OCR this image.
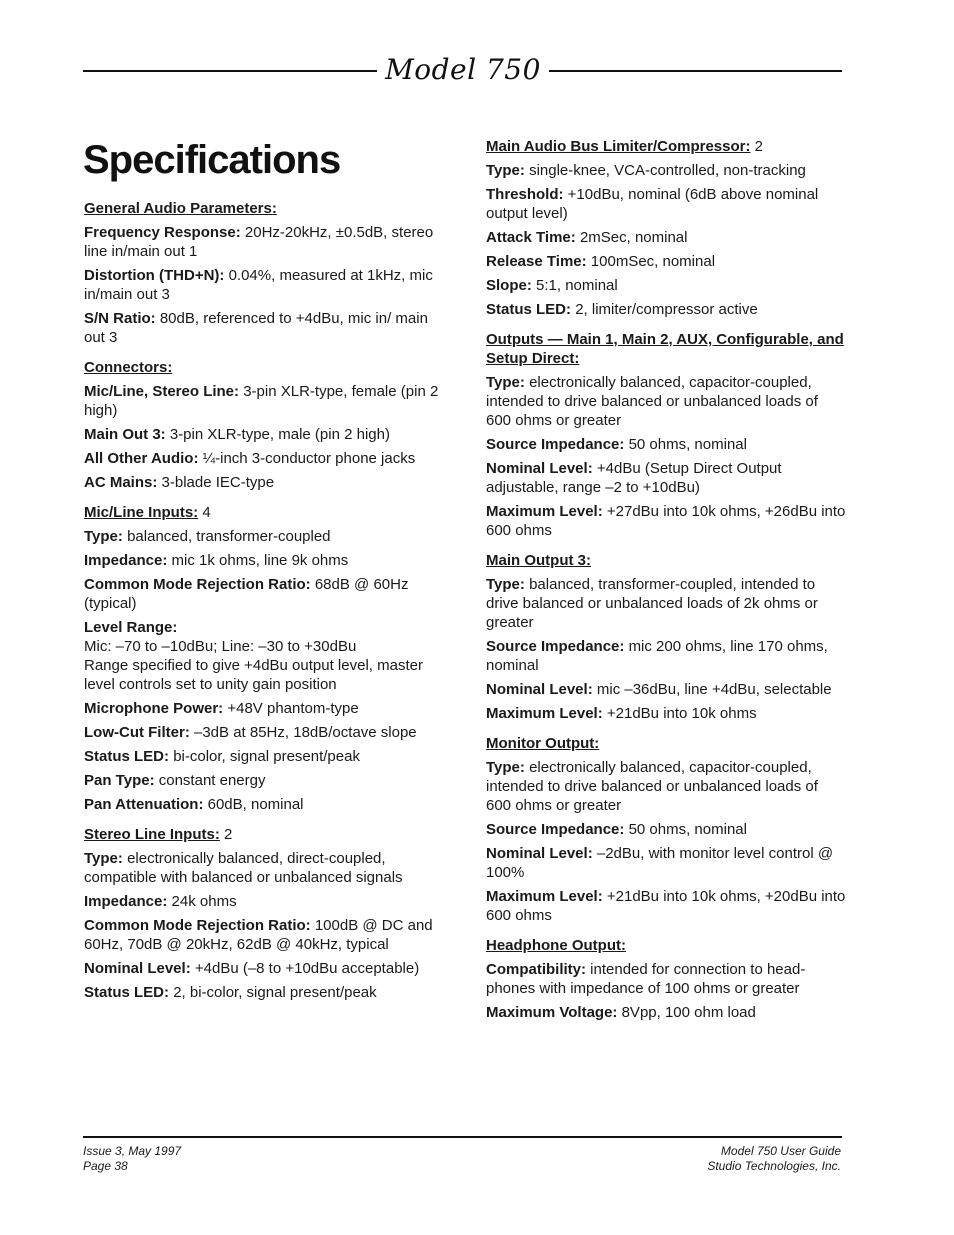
Model 750
Specifications
General Audio Parameters:
Frequency Response: 20Hz-20kHz, ±0.5dB, stereo line in/main out 1
Distortion (THD+N): 0.04%, measured at 1kHz, mic in/main out 3
S/N Ratio: 80dB, referenced to +4dBu, mic in/ main out 3
Connectors:
Mic/Line, Stereo Line: 3-pin XLR-type, female (pin 2 high)
Main Out 3: 3-pin XLR-type, male (pin 2 high)
All Other Audio: ¼-inch 3-conductor phone jacks
AC Mains: 3-blade IEC-type
Mic/Line Inputs: 4
Type: balanced, transformer-coupled
Impedance: mic 1k ohms, line 9k ohms
Common Mode Rejection Ratio: 68dB @ 60Hz (typical)
Level Range:
Mic: –70 to –10dBu; Line: –30 to +30dBu
Range specified to give +4dBu output level, master level controls set to unity gain position
Microphone Power: +48V phantom-type
Low-Cut Filter: –3dB at 85Hz, 18dB/octave slope
Status LED: bi-color, signal present/peak
Pan Type: constant energy
Pan Attenuation: 60dB, nominal
Stereo Line Inputs: 2
Type: electronically balanced, direct-coupled, compatible with balanced or unbalanced signals
Impedance: 24k ohms
Common Mode Rejection Ratio: 100dB @ DC and 60Hz, 70dB @ 20kHz, 62dB @ 40kHz, typical
Nominal Level: +4dBu (–8 to +10dBu acceptable)
Status LED: 2, bi-color, signal present/peak
Main Audio Bus Limiter/Compressor: 2
Type: single-knee, VCA-controlled, non-tracking
Threshold: +10dBu, nominal (6dB above nominal output level)
Attack Time: 2mSec, nominal
Release Time: 100mSec, nominal
Slope: 5:1, nominal
Status LED: 2, limiter/compressor active
Outputs — Main 1, Main 2, AUX, Configurable, and Setup Direct:
Type: electronically balanced, capacitor-coupled, intended to drive balanced or unbalanced loads of 600 ohms or greater
Source Impedance: 50 ohms, nominal
Nominal Level: +4dBu (Setup Direct Output adjustable, range –2 to +10dBu)
Maximum Level: +27dBu into 10k ohms, +26dBu into 600 ohms
Main Output 3:
Type: balanced, transformer-coupled, intended to drive balanced or unbalanced loads of 2k ohms or greater
Source Impedance: mic 200 ohms, line 170 ohms, nominal
Nominal Level: mic –36dBu, line +4dBu, selectable
Maximum Level: +21dBu into 10k ohms
Monitor Output:
Type: electronically balanced, capacitor-coupled, intended to drive balanced or unbalanced loads of 600 ohms or greater
Source Impedance: 50 ohms, nominal
Nominal Level: –2dBu, with monitor level control @ 100%
Maximum Level: +21dBu into 10k ohms, +20dBu into 600 ohms
Headphone Output:
Compatibility: intended for connection to head-phones with impedance of 100 ohms or greater
Maximum Voltage: 8Vpp, 100 ohm load
Issue 3, May 1997
Page 38
Model 750 User Guide
Studio Technologies, Inc.
